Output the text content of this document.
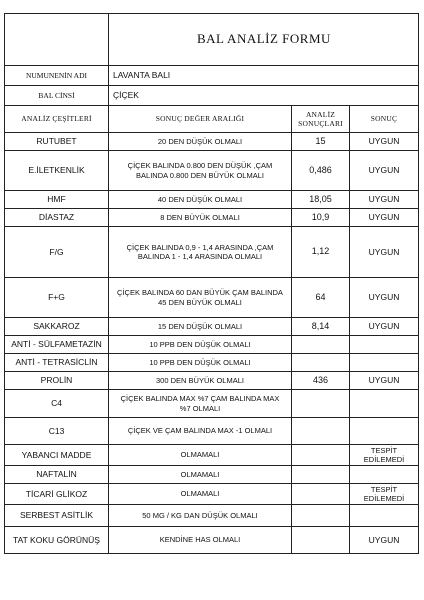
	BAL ANALİZ FORMU		
NUMUNENİN ADI	LAVANTA BALI		
BAL CİNSİ	ÇİÇEK		
ANALİZ ÇEŞİTLERİ	SONUÇ DEĞER ARALIĞI	ANALİZ
SONUÇLARI	SONUÇ
RUTUBET	20 DEN DÜŞÜK OLMALI	15	UYGUN
E.İLETKENLİK	ÇİÇEK BALINDA 0.800 DEN DÜŞÜK ,ÇAM
BALINDA 0.800 DEN BÜYÜK OLMALI	0,486	UYGUN
HMF	40 DEN DÜŞÜK OLMALI	18,05	UYGUN
DİASTAZ	8 DEN BÜYÜK OLMALI	10,9	UYGUN
F/G	ÇİÇEK BALINDA 0,9 - 1,4 ARASINDA ,ÇAM
BALINDA 1 - 1,4 ARASINDA OLMALI	1,12	UYGUN
F+G	ÇİÇEK BALINDA 60 DAN BÜYÜK ÇAM BALINDA
45 DEN BÜYÜK OLMALI	64	UYGUN
SAKKAROZ	15 DEN DÜŞÜK OLMALI	8,14	UYGUN
ANTİ - SÜLFAMETAZİN	10 PPB DEN DÜŞÜK OLMALI		
ANTİ - TETRASİCLİN	10 PPB DEN DÜŞÜK OLMALI		
PROLİN	300 DEN BÜYÜK OLMALI	436	UYGUN
C4	ÇİÇEK BALINDA MAX %7 ÇAM BALINDA MAX
%7 OLMALI		
C13	ÇİÇEK VE ÇAM BALINDA MAX -1 OLMALI		
YABANCI MADDE	OLMAMALI		TESPİT EDİLEMEDİ
NAFTALİN	OLMAMALI		
TİCARİ GLİKOZ	OLMAMALI		TESPİT EDİLEMEDİ
SERBEST ASİTLİK	50 MG / KG DAN DÜŞÜK OLMALI		
TAT KOKU GÖRÜNÜŞ	KENDİNE HAS OLMALI		UYGUN
